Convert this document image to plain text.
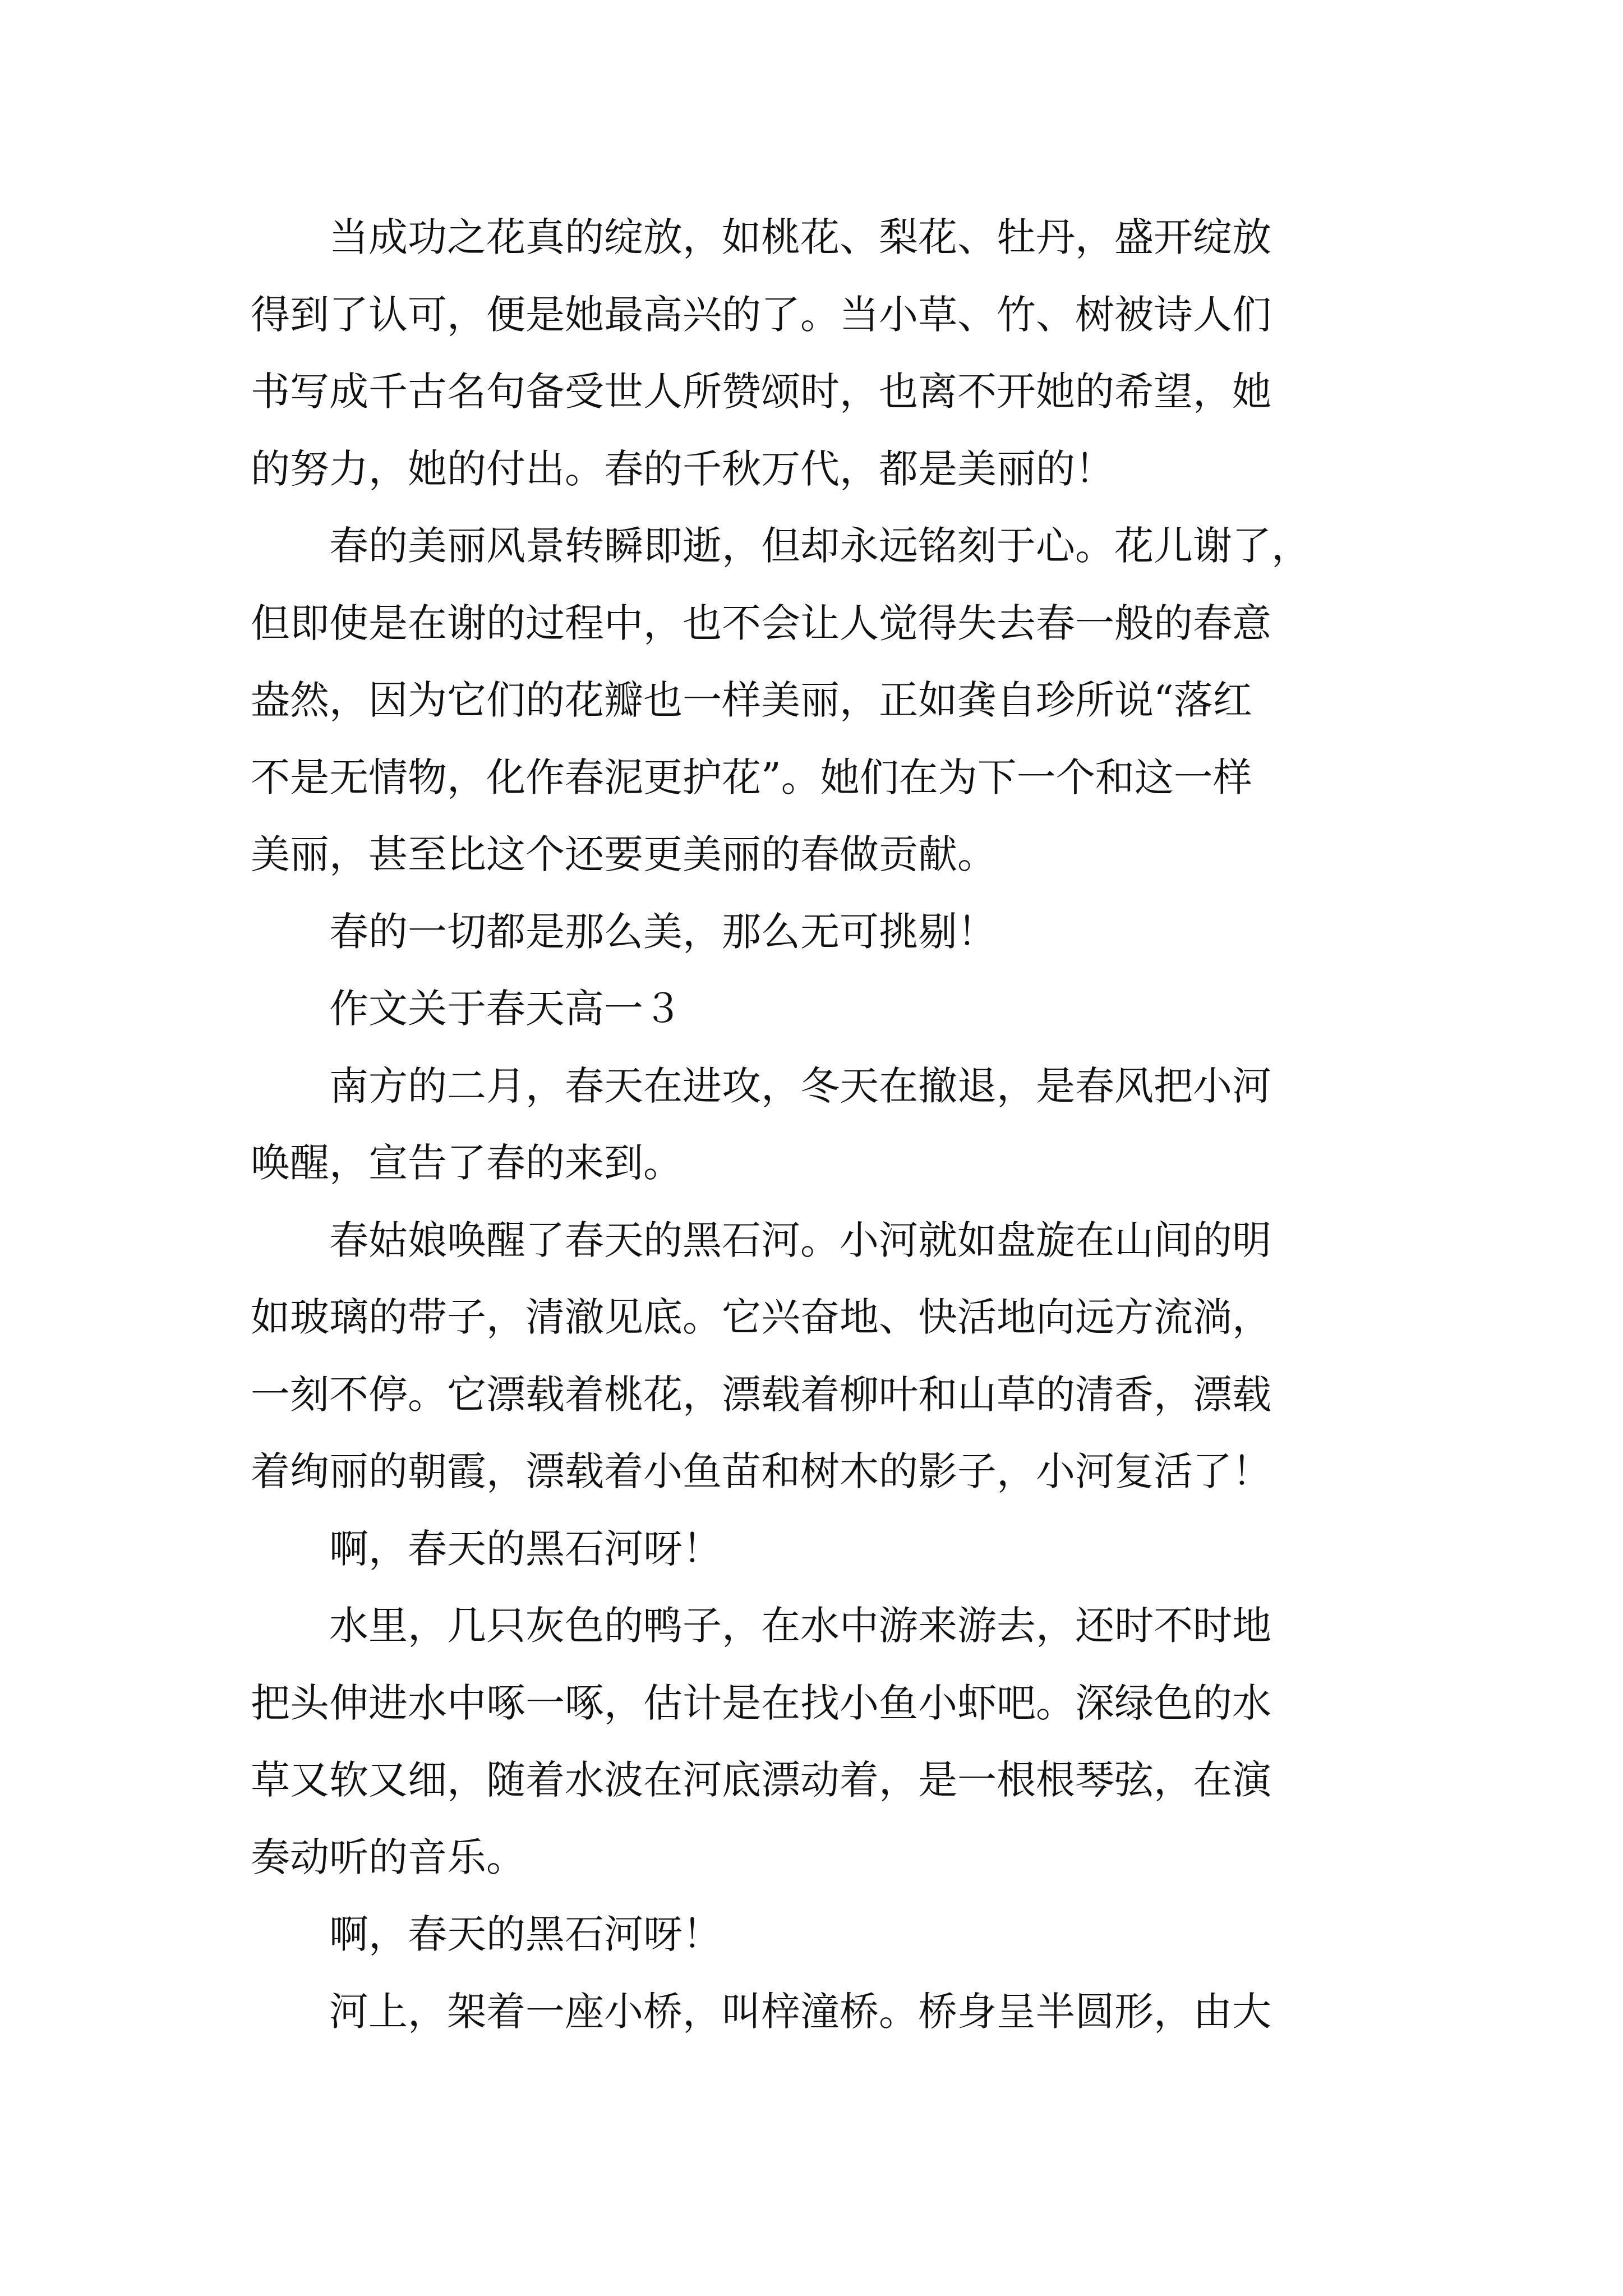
当成功之花真的绽放，如桃花、梨花、牡丹，盛开绽放
得到了认可，便是她最高兴的了。当小草、竹、树被诗人们
书写成千古名句备受世人所赞颂时，也离不开她的希望，她
的努力，她的付出。春的千秋万代，都是美丽的！
春的美丽风景转瞬即逝，但却永远铭刻于心。花儿谢了，
但即使是在谢的过程中，也不会让人觉得失去春一般的春意
盎然，因为它们的花瓣也一样美丽，正如龚自珍所说“落红
不是无情物，化作春泥更护花”。她们在为下一个和这一样
美丽，甚至比这个还要更美丽的春做贡献。
春的一切都是那么美，那么无可挑剔！
作文关于春天高一３
南方的二月，春天在进攻，冬天在撤退，是春风把小河
唤醒，宣告了春的来到。
春姑娘唤醒了春天的黑石河。小河就如盘旋在山间的明
如玻璃的带子，清澈见底。它兴奋地、快活地向远方流淌，
一刻不停。它漂载着桃花，漂载着柳叶和山草的清香，漂载
着绚丽的朝霞，漂载着小鱼苗和树木的影子，小河复活了！
啊，春天的黑石河呀！
水里，几只灰色的鸭子，在水中游来游去，还时不时地
把头伸进水中啄一啄，估计是在找小鱼小虾吧。深绿色的水
草又软又细，随着水波在河底漂动着，是一根根琴弦，在演
奏动听的音乐。
啊，春天的黑石河呀！
河上，架着一座小桥，叫梓潼桥。桥身呈半圆形，由大
